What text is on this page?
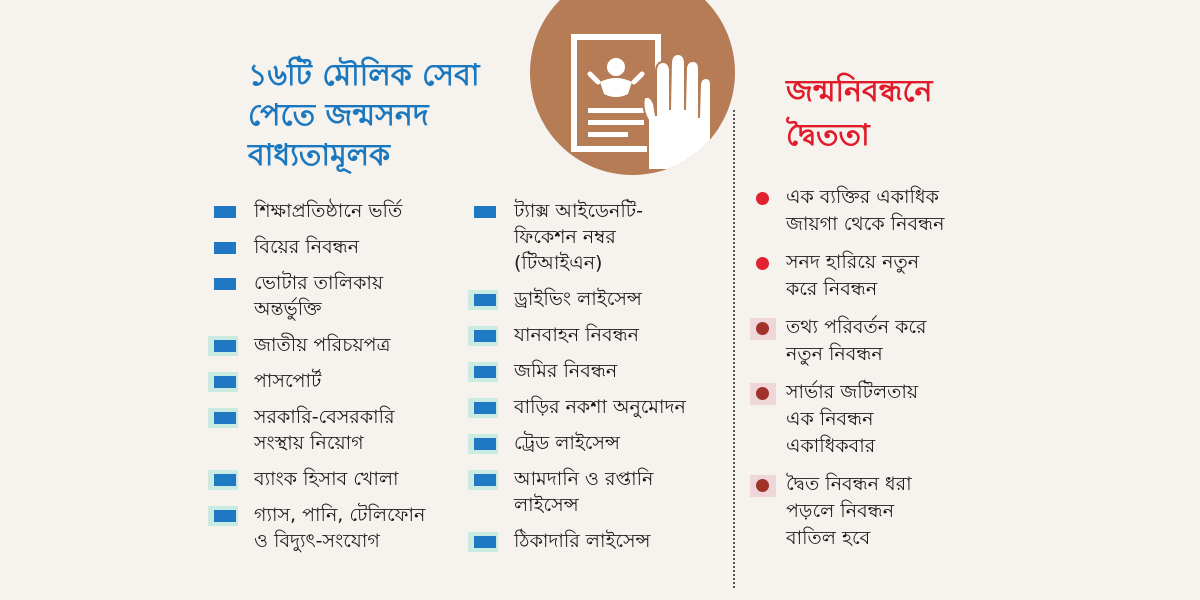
১৬টি মৌলিক সেবা
পেতে জন্মসনদ
বাধ্যতামূলক
শিক্ষাপ্রতিষ্ঠানে ভর্তি
বিয়ের নিবন্ধন
ভোটার তালিকায়
অন্তর্ভুক্তি
জাতীয় পরিচয়পত্র
পাসপোর্ট
সরকারি-বেসরকারি
সংস্থায় নিয়োগ
ব্যাংক হিসাব খোলা
গ্যাস, পানি, টেলিফোন
ও বিদ্যুৎ-সংযোগ
ট্যাক্স আইডেনটি-
ফিকেশন নম্বর
(টিআইএন)
ড্রাইভিং লাইসেন্স
যানবাহন নিবন্ধন
জমির নিবন্ধন
বাড়ির নকশা অনুমোদন
ট্রেড লাইসেন্স
আমদানি ও রপ্তানি
লাইসেন্স
ঠিকাদারি লাইসেন্স
জন্মনিবন্ধনে
দ্বৈততা
এক ব্যক্তির একাধিক
জায়গা থেকে নিবন্ধন
সনদ হারিয়ে নতুন
করে নিবন্ধন
তথ্য পরিবর্তন করে
নতুন নিবন্ধন
সার্ভার জটিলতায়
এক নিবন্ধন
একাধিকবার
দ্বৈত নিবন্ধন ধরা
পড়লে নিবন্ধন
বাতিল হবে
